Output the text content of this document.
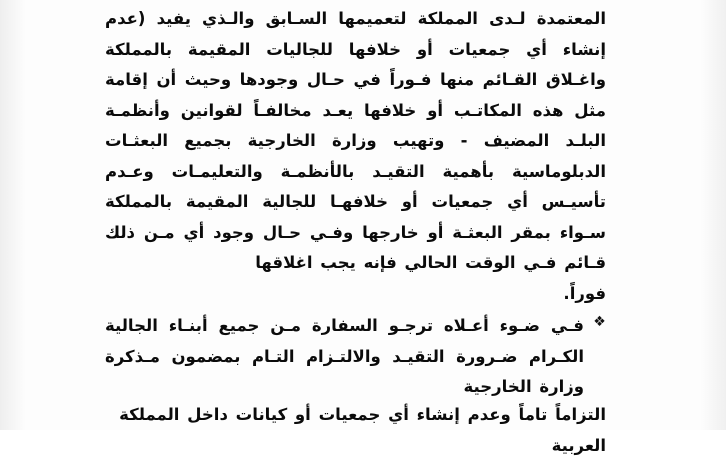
المعتمدة لـدى المملكة لتعميمها السـابق والـذي يفيد (عدم إنشاء أي جمعيات أو خلافها للجاليات المقيمة بالمملكة واغـلاق القـائم منها فـوراً في حـال وجودها وحيث أن إقامة مثل هذه المكاتـب أو خلافها يعـد مخالفـاً لقوانين وأنظمـة البلـد المضيف - وتهيب وزارة الخارجية بجميع البعثـات الدبلوماسية بأهمية التقيـد بالأنظمـة والتعليمـات وعـدم تأسيـس أي جمعيات أو خلافهـا للجالية المقيمة بالمملكة سـواء بمقر البعثـة أو خارجها وفـي حـال وجود أي مـن ذلك قـائم فـي الوقت الحالي فإنه يجب اغلاقها
فوراً.

❖
فـي ضـوء أعـلاه ترجـو السفارة مـن جميع أبنـاء الجالية الكـرام ضـرورة التقيـد والالتـزام التـام بمضمون مـذكرة وزارة الخارجية

التزاماً تاماً وعدم إنشاء أي جمعيات أو كيانات داخل المملكة العربية
